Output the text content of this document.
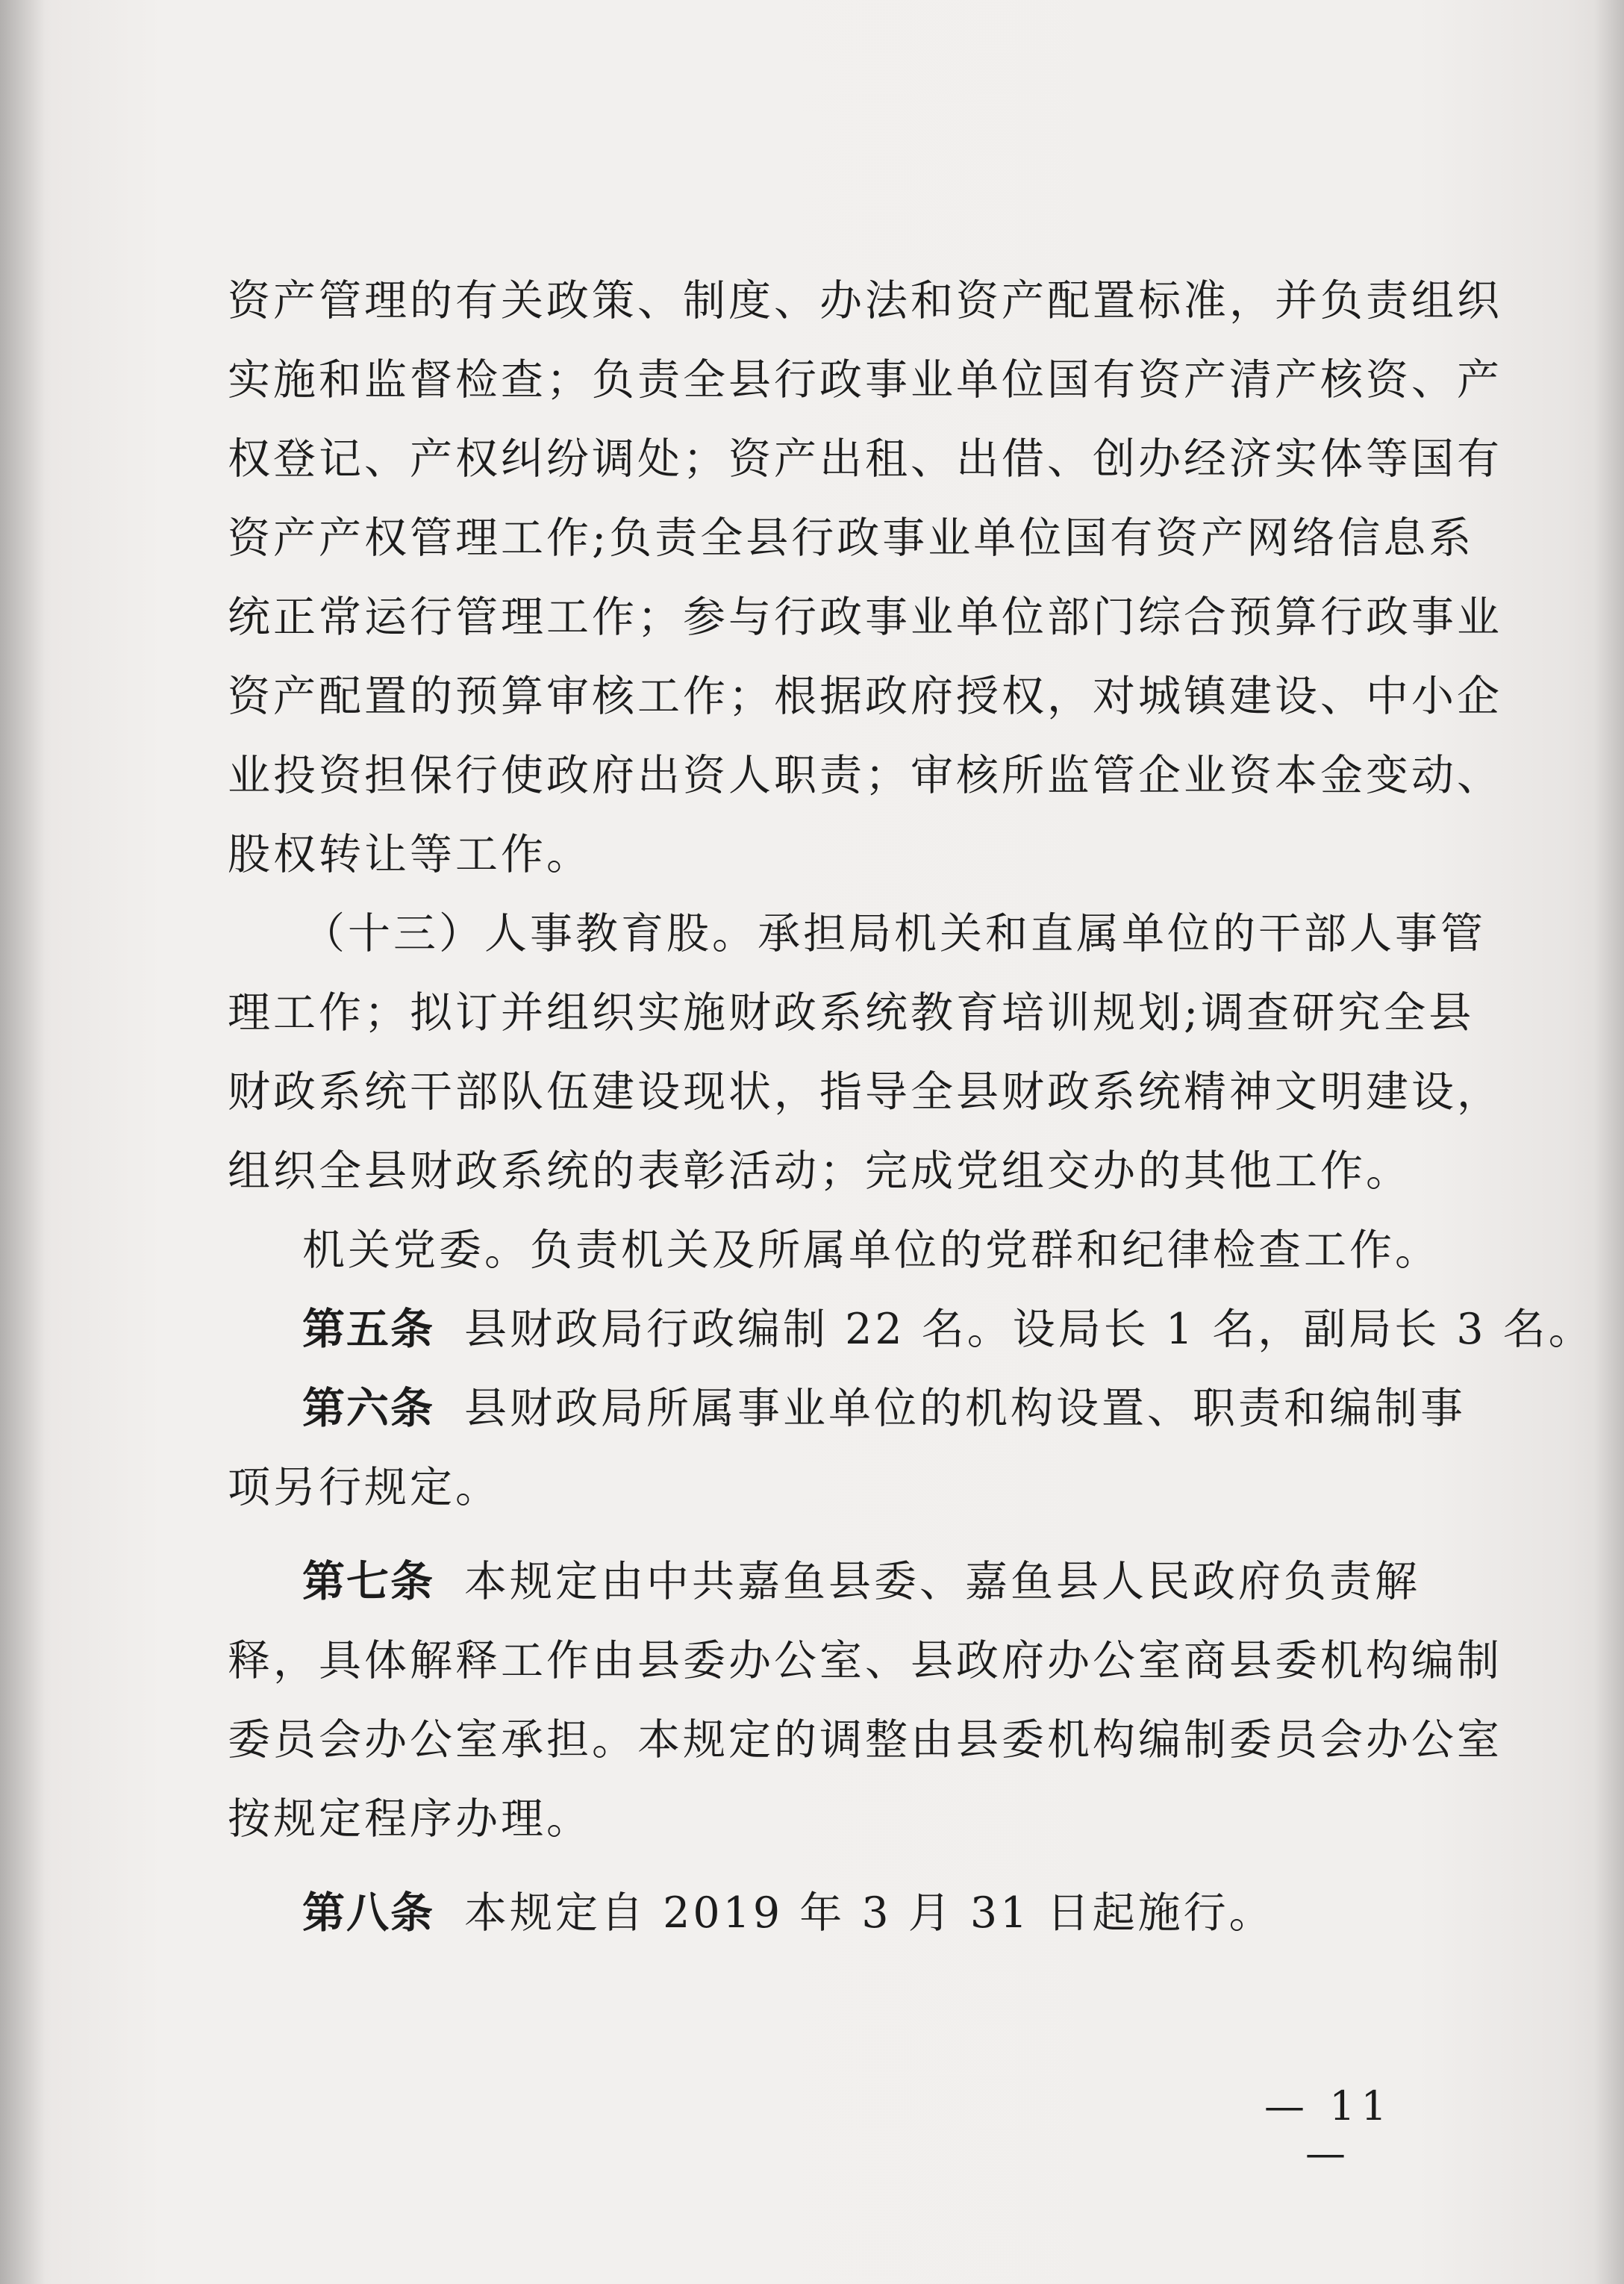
资产管理的有关政策、制度、办法和资产配置标准，并负责组织
实施和监督检查；负责全县行政事业单位国有资产清产核资、产
权登记、产权纠纷调处；资产出租、出借、创办经济实体等国有
资产产权管理工作;负责全县行政事业单位国有资产网络信息系
统正常运行管理工作；参与行政事业单位部门综合预算行政事业
资产配置的预算审核工作；根据政府授权，对城镇建设、中小企
业投资担保行使政府出资人职责；审核所监管企业资本金变动、
股权转让等工作。
（十三）人事教育股。承担局机关和直属单位的干部人事管
理工作；拟订并组织实施财政系统教育培训规划;调查研究全县
财政系统干部队伍建设现状，指导全县财政系统精神文明建设，
组织全县财政系统的表彰活动；完成党组交办的其他工作。
机关党委。负责机关及所属单位的党群和纪律检查工作。
第五条 县财政局行政编制 22 名。设局长 1 名，副局长 3 名。
第六条 县财政局所属事业单位的机构设置、职责和编制事
项另行规定。
第七条 本规定由中共嘉鱼县委、嘉鱼县人民政府负责解
释，具体解释工作由县委办公室、县政府办公室商县委机构编制
委员会办公室承担。本规定的调整由县委机构编制委员会办公室
按规定程序办理。
第八条 本规定自 2019 年 3 月 31 日起施行。
— 11 —
